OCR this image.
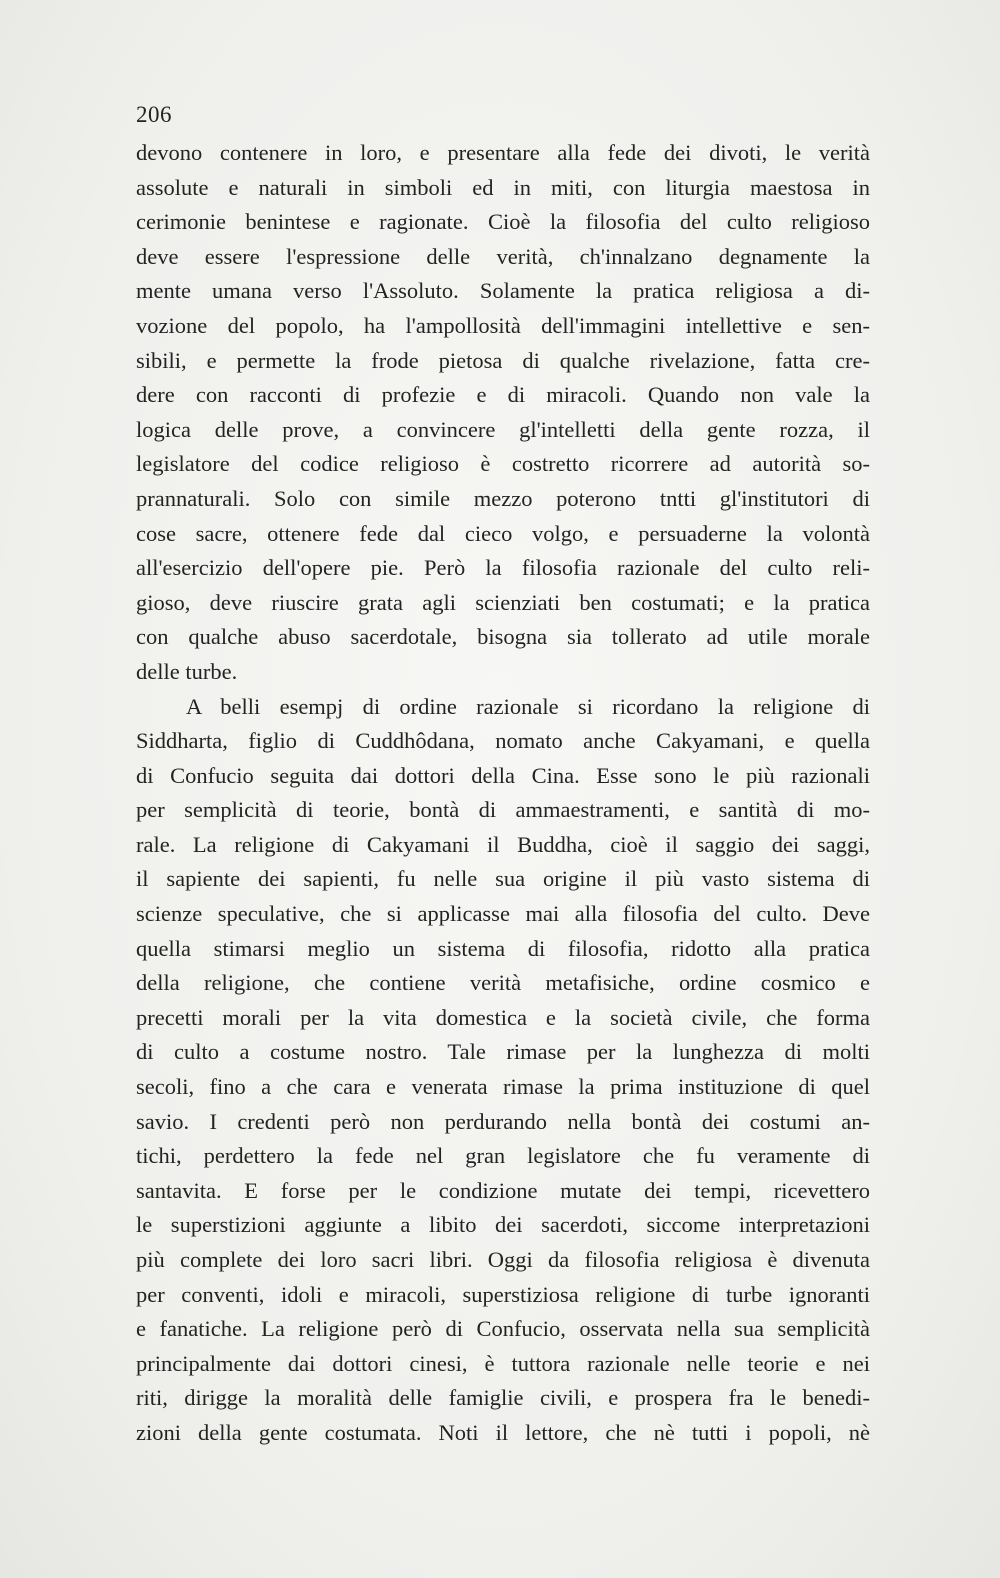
206
devono contenere in loro, e presentare alla fede dei divoti, le verità
assolute e naturali in simboli ed in miti, con liturgia maestosa in
cerimonie benintese e ragionate. Cioè la filosofia del culto religioso
deve essere l'espressione delle verità, ch'innalzano degnamente la
mente umana verso l'Assoluto. Solamente la pratica religiosa a di-
vozione del popolo, ha l'ampollosità dell'immagini intellettive e sen-
sibili, e permette la frode pietosa di qualche rivelazione, fatta cre-
dere con racconti di profezie e di miracoli. Quando non vale la
logica delle prove, a convincere gl'intelletti della gente rozza, il
legislatore del codice religioso è costretto ricorrere ad autorità so-
prannaturali. Solo con simile mezzo poterono tntti gl'institutori di
cose sacre, ottenere fede dal cieco volgo, e persuaderne la volontà
all'esercizio dell'opere pie. Però la filosofia razionale del culto reli-
gioso, deve riuscire grata agli scienziati ben costumati; e la pratica
con qualche abuso sacerdotale, bisogna sia tollerato ad utile morale
delle turbe.
A belli esempj di ordine razionale si ricordano la religione di
Siddharta, figlio di Cuddhôdana, nomato anche Cakyamani, e quella
di Confucio seguita dai dottori della Cina. Esse sono le più razionali
per semplicità di teorie, bontà di ammaestramenti, e santità di mo-
rale. La religione di Cakyamani il Buddha, cioè il saggio dei saggi,
il sapiente dei sapienti, fu nelle sua origine il più vasto sistema di
scienze speculative, che si applicasse mai alla filosofia del culto. Deve
quella stimarsi meglio un sistema di filosofia, ridotto alla pratica
della religione, che contiene verità metafisiche, ordine cosmico e
precetti morali per la vita domestica e la società civile, che forma
di culto a costume nostro. Tale rimase per la lunghezza di molti
secoli, fino a che cara e venerata rimase la prima instituzione di quel
savio. I credenti però non perdurando nella bontà dei costumi an-
tichi, perdettero la fede nel gran legislatore che fu veramente di
santavita. E forse per le condizione mutate dei tempi, ricevettero
le superstizioni aggiunte a libito dei sacerdoti, siccome interpretazioni
più complete dei loro sacri libri. Oggi da filosofia religiosa è divenuta
per conventi, idoli e miracoli, superstiziosa religione di turbe ignoranti
e fanatiche. La religione però di Confucio, osservata nella sua semplicità
principalmente dai dottori cinesi, è tuttora razionale nelle teorie e nei
riti, dirigge la moralità delle famiglie civili, e prospera fra le benedi-
zioni della gente costumata. Noti il lettore, che nè tutti i popoli, nè
